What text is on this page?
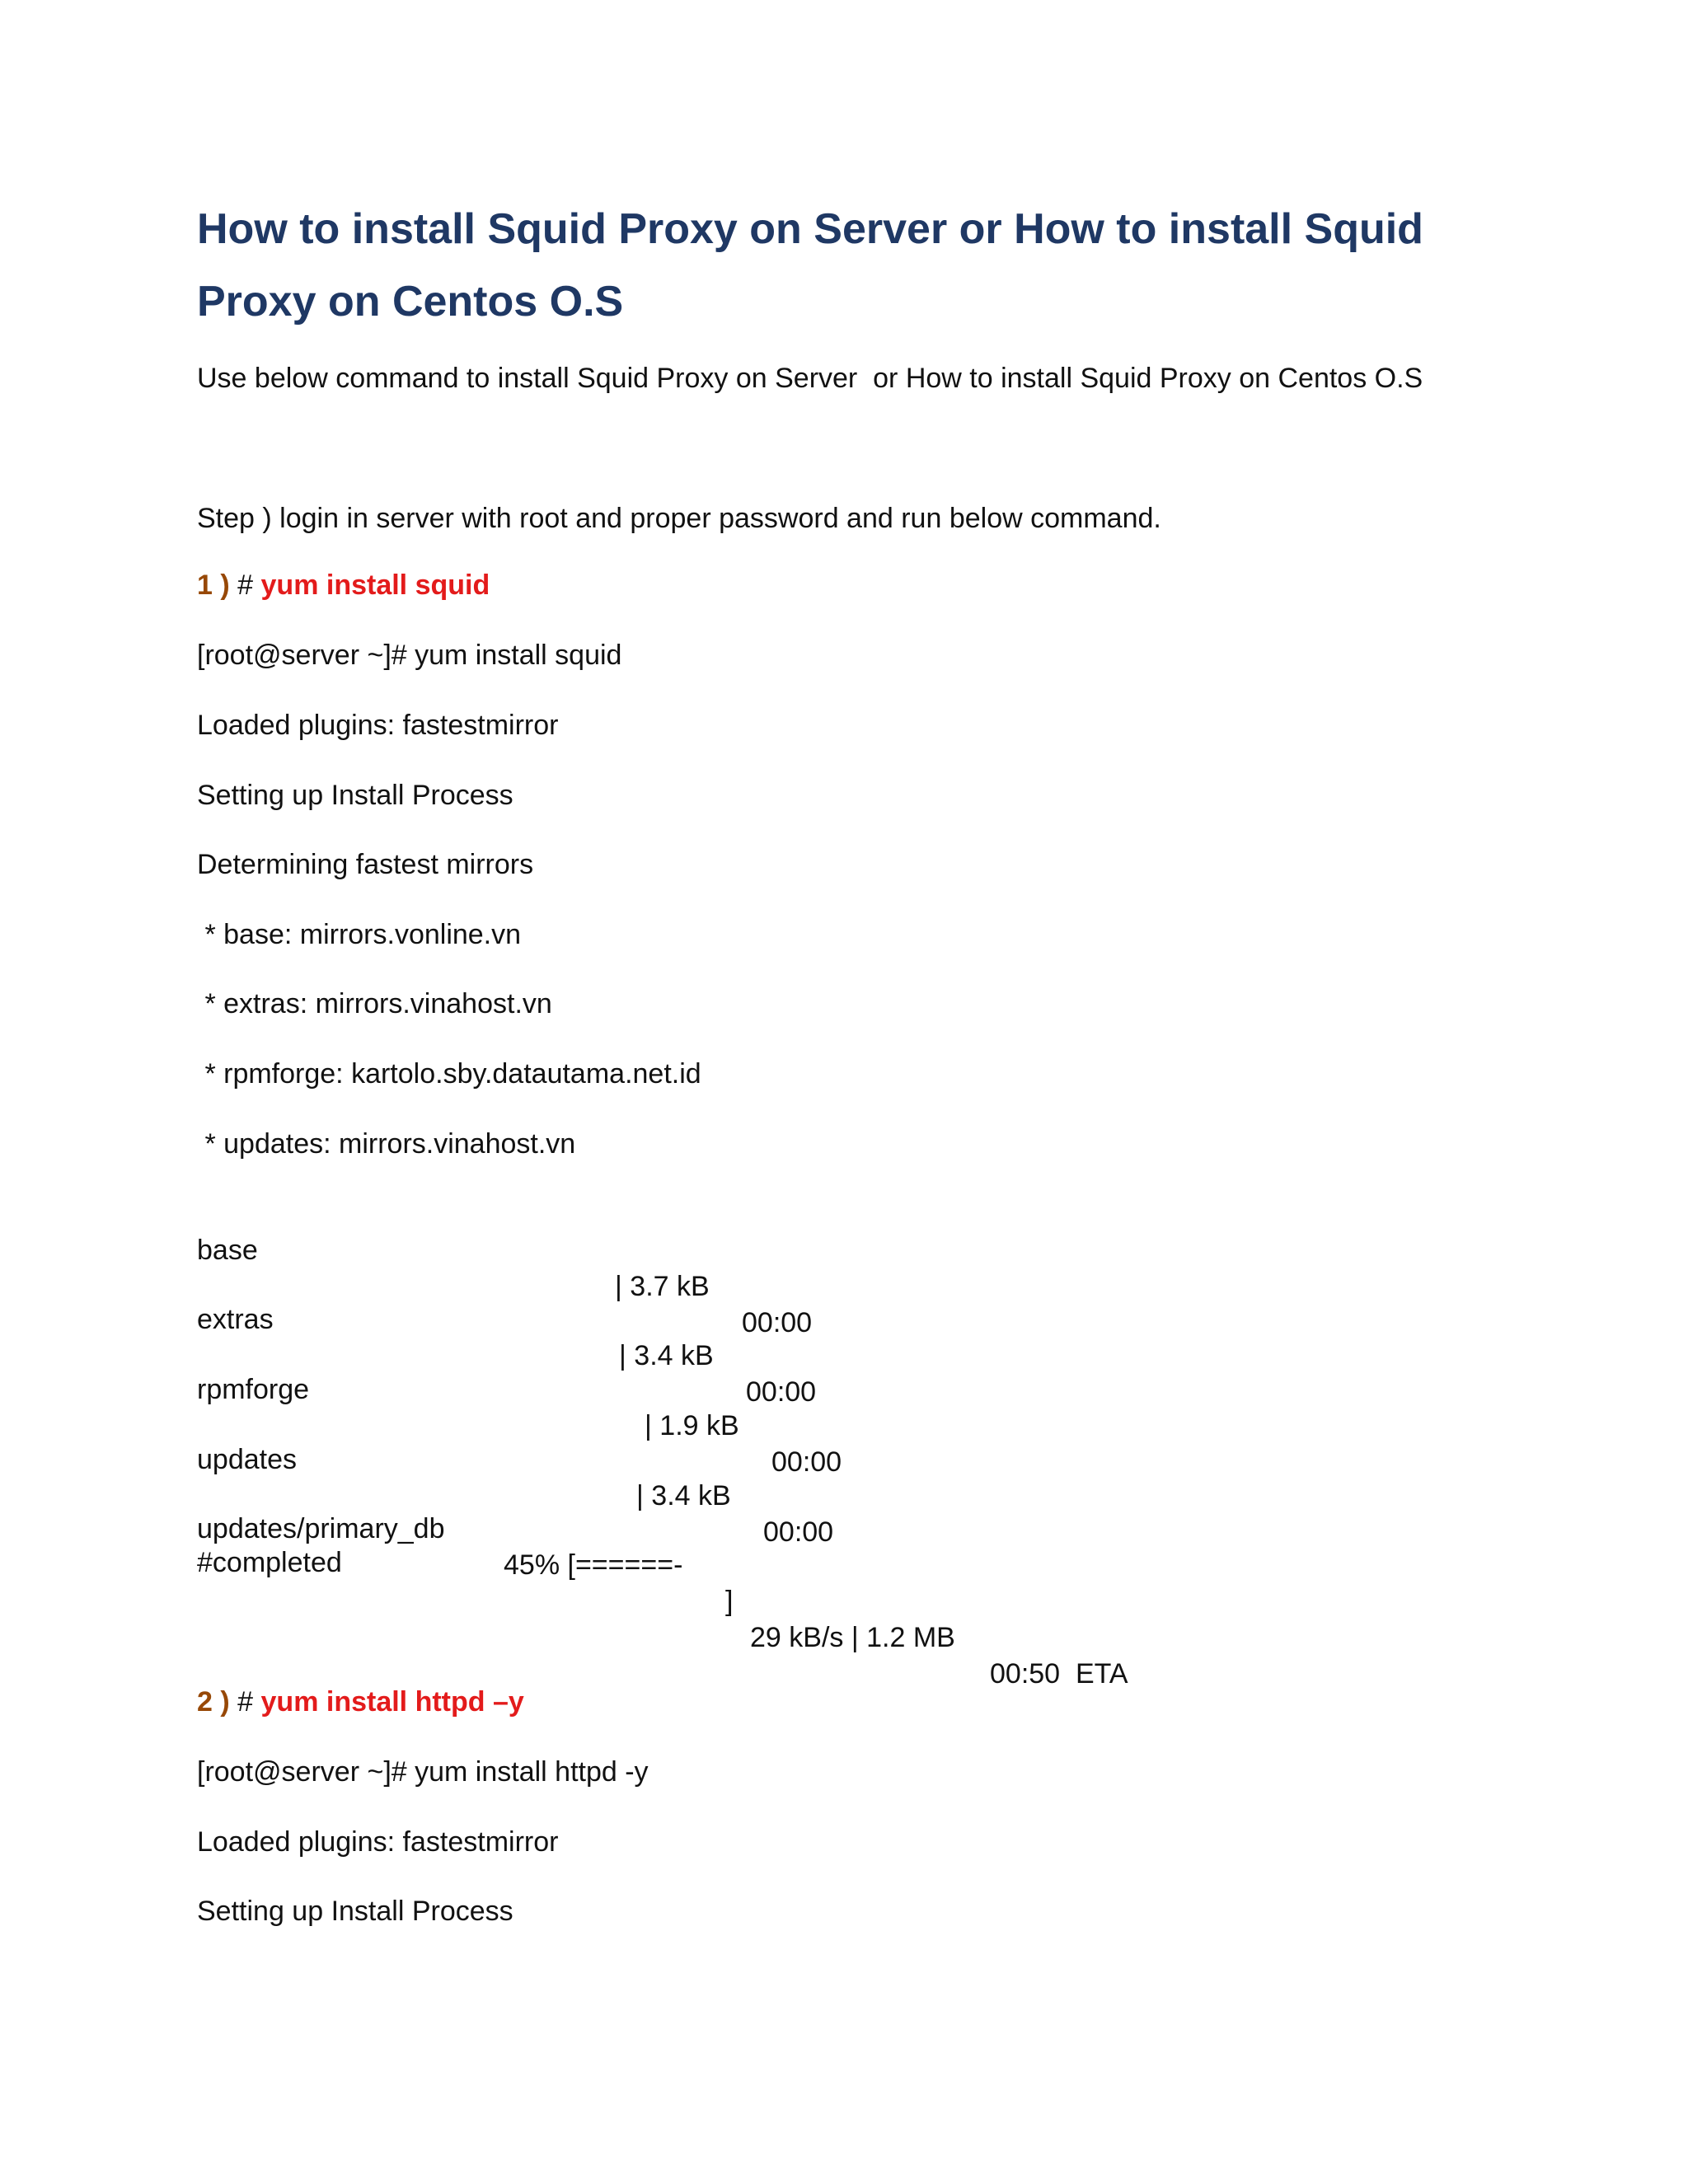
How to install Squid Proxy on Server or How to install Squid Proxy on Centos O.S

Use below command to install Squid Proxy on Server  or How to install Squid Proxy on Centos O.S

Step ) login in server with root and proper password and run below command.

1 ) # yum install squid

[root@server ~]# yum install squid

Loaded plugins: fastestmirror

Setting up Install Process

Determining fastest mirrors

* base: mirrors.vonline.vn

* extras: mirrors.vinahost.vn

* rpmforge: kartolo.sby.datautama.net.id

* updates: mirrors.vinahost.vn

base

| 3.7 kB

00:00

extras

| 3.4 kB

00:00

rpmforge

| 1.9 kB

00:00

updates

| 3.4 kB

00:00

updates/primary_db

45% [======-

]

29 kB/s | 1.2 MB

00:50  ETA

#completed

2 ) # yum install httpd –y

[root@server ~]# yum install httpd -y

Loaded plugins: fastestmirror

Setting up Install Process
